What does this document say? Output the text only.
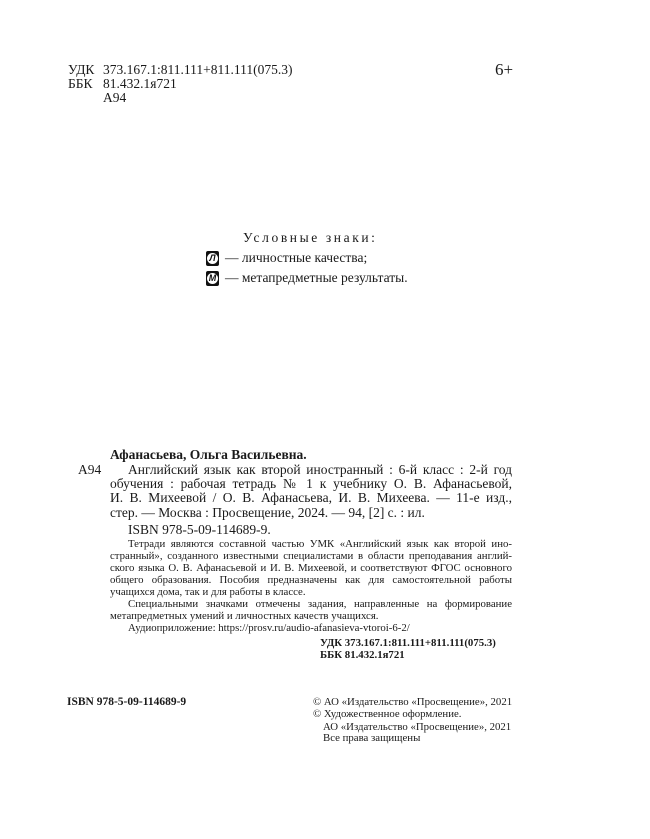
УДК 373.167.1:811.111+811.111(075.3)
ББК 81.432.1я721
А94
6+
Условные знаки:
Л — личностные качества;
М — метапредметные результаты.
Афанасьева, Ольга Васильевна.
А94 Английский язык как второй иностранный : 6-й класс : 2-й год
обучения : рабочая тетрадь № 1 к учебнику О. В. Афанасьевой,
И. В. Михеевой / О. В. Афанасьева, И. В. Михеева. — 11-е изд.,
стер. — Москва : Просвещение, 2024. — 94, [2] с. : ил.
ISBN 978-5-09-114689-9.
Тетради являются составной частью УМК «Английский язык как второй ино-
странный», созданного известными специалистами в области преподавания англий-
ского языка О. В. Афанасьевой и И. В. Михеевой, и соответствуют ФГОС основного
общего образования. Пособия предназначены как для самостоятельной работы
учащихся дома, так и для работы в классе.
Специальными значками отмечены задания, направленные на формирование
метапредметных умений и личностных качеств учащихся.
Аудиоприложение: https://prosv.ru/audio-afanasieva-vtoroi-6-2/
УДК 373.167.1:811.111+811.111(075.3)
ББК 81.432.1я721
ISBN 978-5-09-114689-9	© АО «Издательство «Просвещение», 2021
© Художественное оформление.
АО «Издательство «Просвещение», 2021
Все права защищены
